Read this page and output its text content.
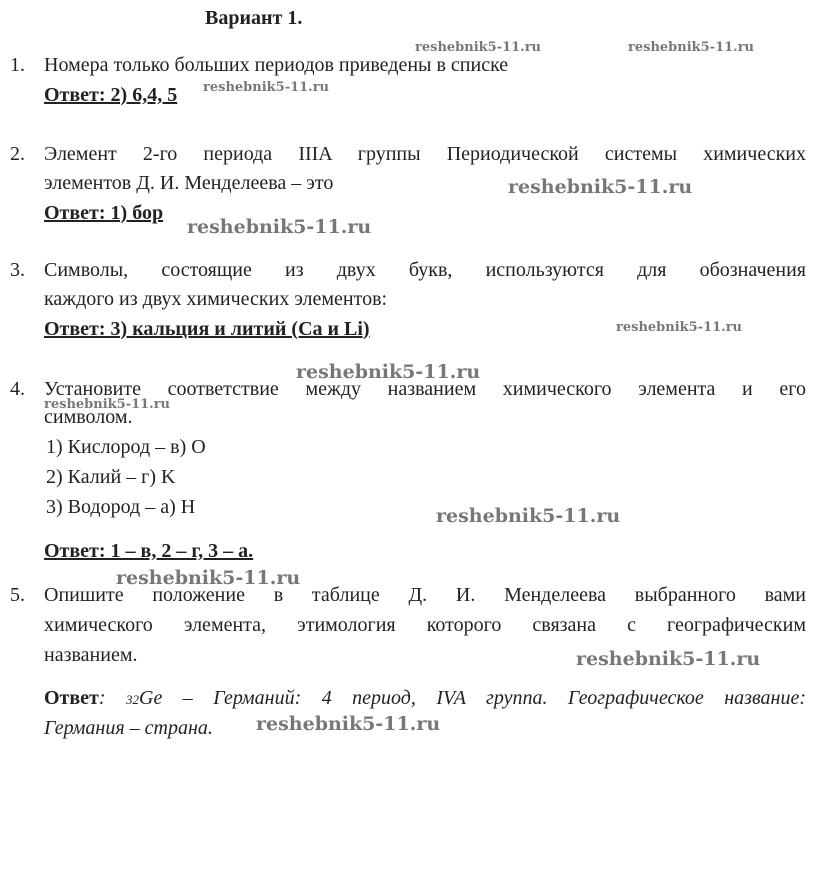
Вариант 1.
1. Номера только больших периодов приведены в списке
Ответ: 2) 6,4, 5
2. Элемент 2-го периода IIIA группы Периодической системы химических
элементов Д. И. Менделеева – это
Ответ: 1) бор
3. Символы, состоящие из двух букв, используются для обозначения
каждого из двух химических элементов:
Ответ: 3) кальция и литий (Ca и Li)
4. Установите соответствие между названием химического элемента и его
символом.
1) Кислород – в) O
2) Калий – г) K
3) Водород – а) H
Ответ: 1 – в, 2 – г, 3 – а.
5. Опишите положение в таблице Д. И. Менделеева выбранного вами
химического элемента, этимология которого связана с географическим
названием.
Ответ: 32Ge – Германий: 4 период, IVA группа. Географическое название:
Германия – страна.
reshebnik5-11.ru	reshebnik5-11.ru
reshebnik5-11.ru
reshebnik5-11.ru
reshebnik5-11.ru
reshebnik5-11.ru
reshebnik5-11.ru
reshebnik5-11.ru
reshebnik5-11.ru
reshebnik5-11.ru
reshebnik5-11.ru
reshebnik5-11.ru
